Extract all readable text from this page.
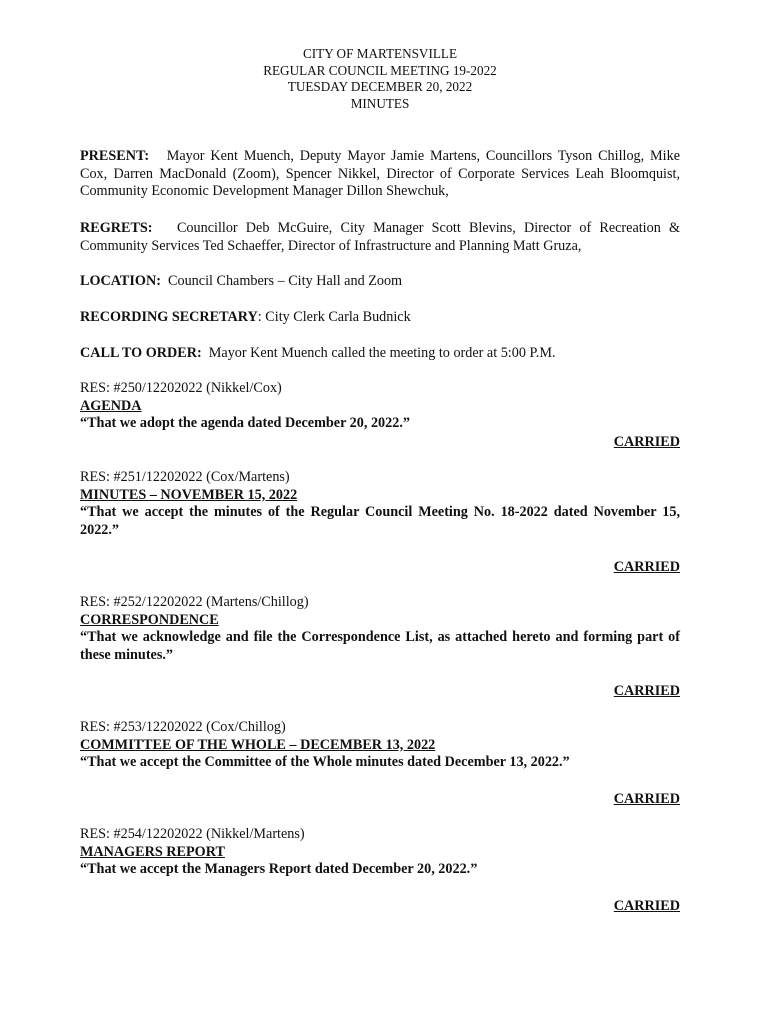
CITY OF MARTENSVILLE
REGULAR COUNCIL MEETING 19-2022
TUESDAY DECEMBER 20, 2022
MINUTES
PRESENT: Mayor Kent Muench, Deputy Mayor Jamie Martens, Councillors Tyson Chillog, Mike Cox, Darren MacDonald (Zoom), Spencer Nikkel, Director of Corporate Services Leah Bloomquist, Community Economic Development Manager Dillon Shewchuk,
REGRETS: Councillor Deb McGuire, City Manager Scott Blevins, Director of Recreation & Community Services Ted Schaeffer, Director of Infrastructure and Planning Matt Gruza,
LOCATION: Council Chambers – City Hall and Zoom
RECORDING SECRETARY: City Clerk Carla Budnick
CALL TO ORDER: Mayor Kent Muench called the meeting to order at 5:00 P.M.
RES: #250/12202022 (Nikkel/Cox)
AGENDA
“That we adopt the agenda dated December 20, 2022.”
CARRIED
RES: #251/12202022 (Cox/Martens)
MINUTES – NOVEMBER 15, 2022
“That we accept the minutes of the Regular Council Meeting No. 18-2022 dated November 15, 2022.”
CARRIED
RES: #252/12202022 (Martens/Chillog)
CORRESPONDENCE
“That we acknowledge and file the Correspondence List, as attached hereto and forming part of these minutes.”
CARRIED
RES: #253/12202022 (Cox/Chillog)
COMMITTEE OF THE WHOLE – DECEMBER 13, 2022
“That we accept the Committee of the Whole minutes dated December 13, 2022.”
CARRIED
RES: #254/12202022 (Nikkel/Martens)
MANAGERS REPORT
“That we accept the Managers Report dated December 20, 2022.”
CARRIED
